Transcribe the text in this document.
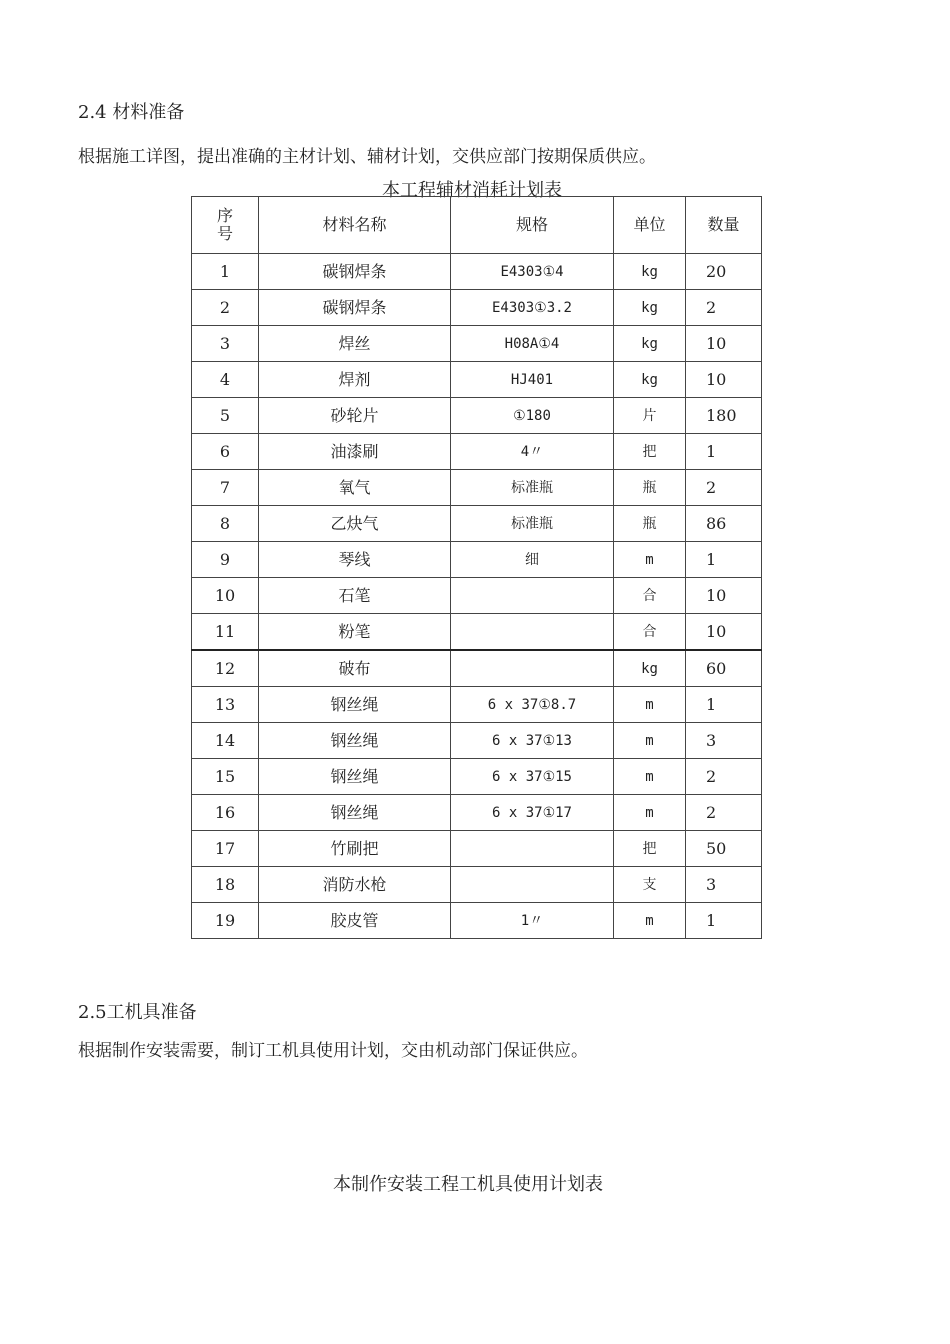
2.4 材料准备
根据施工详图，提出准确的主材计划、辅材计划，交供应部门按期保质供应。
本工程辅材消耗计划表
序号	材料名称	规格	单位	数量
1	碳钢焊条	E4303①4	kg	20
2	碳钢焊条	E4303①3.2	kg	2
3	焊丝	H08A①4	kg	10
4	焊剂	HJ401	kg	10
5	砂轮片	①180	片	180
6	油漆刷	4〃	把	1
7	氧气	标准瓶	瓶	2
8	乙炔气	标准瓶	瓶	86
9	琴线	细	m	1
10	石笔		合	10
11	粉笔		合	10
12	破布		kg	60
13	钢丝绳	6 x 37①8.7	m	1
14	钢丝绳	6 x 37①13	m	3
15	钢丝绳	6 x 37①15	m	2
16	钢丝绳	6 x 37①17	m	2
17	竹刷把		把	50
18	消防水枪		支	3
19	胶皮管	1〃	m	1
2.5工机具准备
根据制作安装需要，制订工机具使用计划，交由机动部门保证供应。
本制作安装工程工机具使用计划表
